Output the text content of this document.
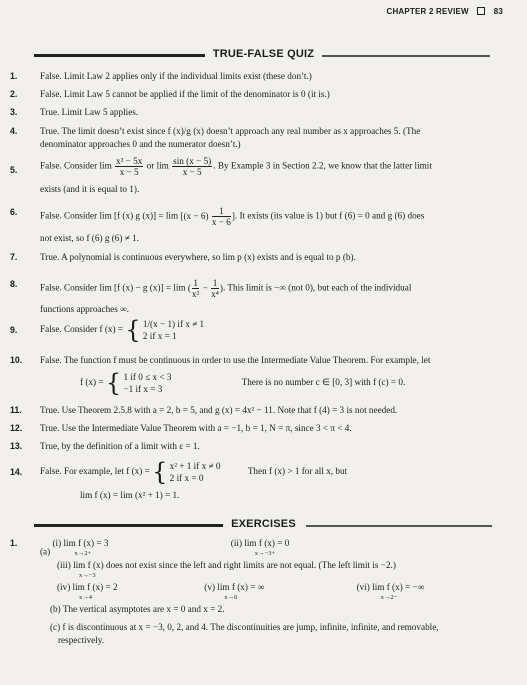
CHAPTER 2 REVIEW	83
TRUE-FALSE QUIZ
1.	False. Limit Law 2 applies only if the individual limits exist (these don’t.)
2.	False. Limit Law 5 cannot be applied if the limit of the denominator is 0 (it is.)
3.	True. Limit Law 5 applies.
4.	True. The limit doesn’t exist since f (x)/g (x) doesn’t approach any real number as x approaches 5. (The
denominator approaches 0 and the numerator doesn’t.)
5.	False. Consider $\lim \frac{\text{x² − 5x}}{x - 5}$ or $\lim \frac{\sin (x - 5)}{x - 5}$ . By Example 3 in Section 2.2, we know that the latter limit
exists (and it is equal to 1).
6.	False. Consider lim [f (x) g $(x)] = \lim [(x - 6) \frac{1}{x - 6}$ ]. It exists (its value is 1) but f (6) = 0 and g (6) does
not exist, so f (6) g (6) ≠ 1.
7.	True. A polynomial is continuous everywhere, so lim p (x) exists and is equal to p (b).
8.	False. Consider lim [f (x) − g (x)] = lim ( $\frac{1}{\text{x²}} - \frac{1}{\text{x⁴}}$ ). This limit is −∞ (not 0), but each of the individual
functions approaches ∞.
9.	False. Consider f (x) = { 1/(x − 1) if x ≠ 1
2 if x = 1
10.	False. The function f must be continuous in order to use the Intermediate Value Theorem. For example, let
f (x) = { 1 if 0 ≤ x < 3
−1 if x = 3
There is no number c ∈ [0, 3] with f (c) = 0.
11.	True. Use Theorem 2.5.8 with a = 2, b = 5, and g (x) = 4x² − 11. Note that f (4) = 3 is not needed.
12.	True. Use the Intermediate Value Theorem with a = −1, b = 1, N = π, since 3 < π < 4.
13.	True, by the definition of a limit with ε = 1.
14.	False. For example, let f (x) = { x² + 1 if x ≠ 0
2 if x = 0
Then f (x) > 1 for all x, but
lim f (x) = lim (x² + 1) = 1.
EXERCISES
1.
(a) (i) lim f (x) = 3
x→2+
(ii) lim f (x) = 0
x→−3+
(iii) lim f (x) does not exist since the left and right limits are not equal. (The left limit is −2.)
x→−3
(iv) lim f (x) = 2
x→4
(v) lim f (x) = ∞
x→0
(vi) lim f (x) = −∞
x→2−
(b) The vertical asymptotes are x = 0 and x = 2.
(c) f is discontinuous at x = −3, 0, 2, and 4. The discontinuities are jump, infinite, infinite, and removable,
respectively.
